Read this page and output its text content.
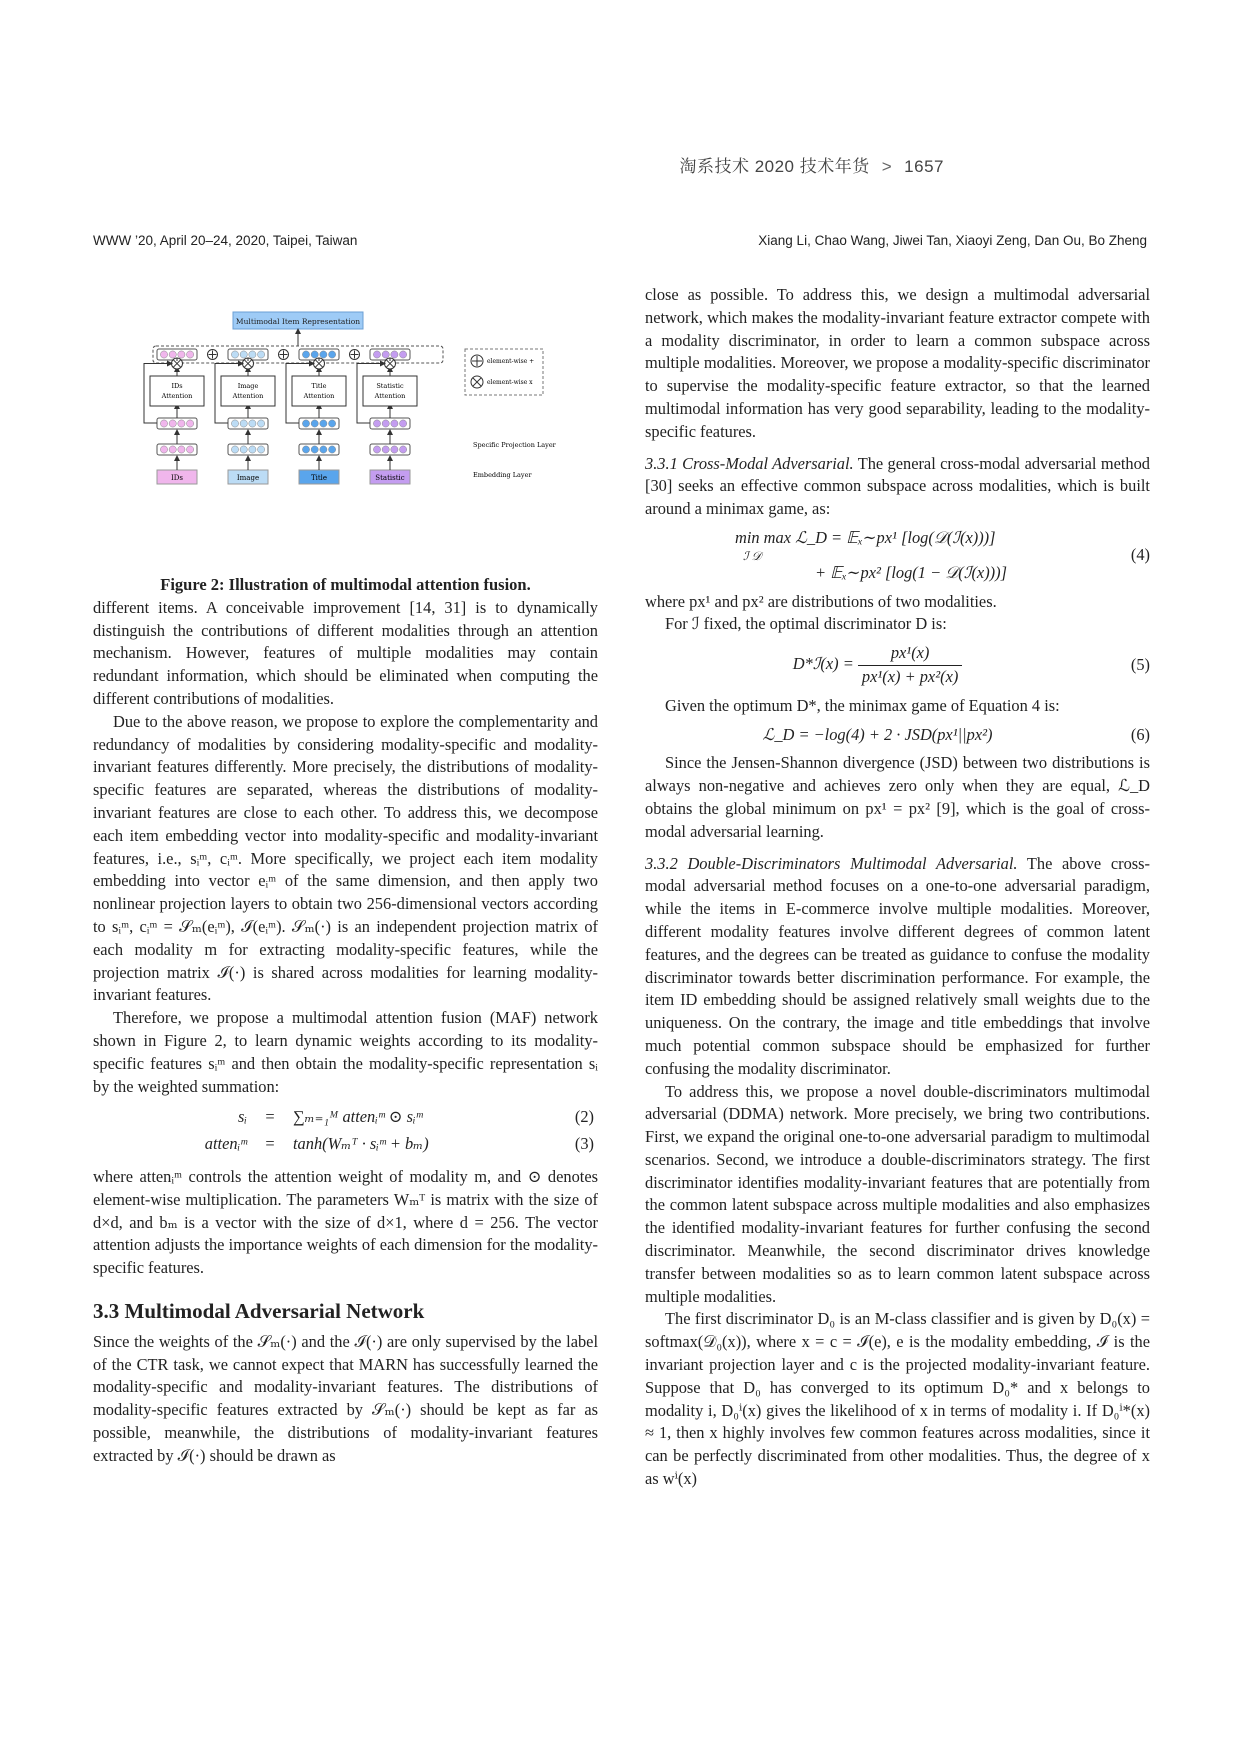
淘系技术 2020 技术年货 > 1657
WWW ’20, April 20–24, 2020, Taipei, Taiwan	Xiang Li, Chao Wang, Jiwei Tan, Xiaoyi Zeng, Dan Ou, Bo Zheng
Multimodal Item Representation
IDs
IDs
Attention
Image
Image
Attention
Title
Title
Attention
Statistic
Statistic
Attention
element-wise +
element-wise x
Specific Projection Layer
Embedding Layer

Figure 2: Illustration of multimodal attention fusion.

different items. A conceivable improvement [14, 31] is to dynamically distinguish the contributions of different modalities through an attention mechanism. However, features of multiple modalities may contain redundant information, which should be eliminated when computing the different contributions of modalities.

Due to the above reason, we propose to explore the complementarity and redundancy of modalities by considering modality-specific and modality-invariant features differently. More precisely, the distributions of modality-specific features are separated, whereas the distributions of modality-invariant features are close to each other. To address this, we decompose each item embedding vector into modality-specific and modality-invariant features, i.e., sᵢᵐ, cᵢᵐ. More specifically, we project each item modality embedding into vector eᵢᵐ of the same dimension, and then apply two nonlinear projection layers to obtain two 256-dimensional vectors according to sᵢᵐ, cᵢᵐ = 𝒮ₘ(eᵢᵐ), ℐ(eᵢᵐ). 𝒮ₘ(·) is an independent projection matrix of each modality m for extracting modality-specific features, while the projection matrix ℐ(·) is shared across modalities for learning modality-invariant features.

Therefore, we propose a multimodal attention fusion (MAF) network shown in Figure 2, to learn dynamic weights according to its modality-specific features sᵢᵐ and then obtain the modality-specific representation sᵢ by the weighted summation:

sᵢ	=	∑ₘ₌₁ᴹ attenᵢᵐ ⊙ sᵢᵐ	(2)
attenᵢᵐ	=	tanh(Wₘᵀ · sᵢᵐ + bₘ)	(3)

where attenᵢᵐ controls the attention weight of modality m, and ⊙ denotes element-wise multiplication. The parameters Wₘᵀ is matrix with the size of d×d, and bₘ is a vector with the size of d×1, where d = 256. The vector attention adjusts the importance weights of each dimension for the modality-specific features.

3.3 Multimodal Adversarial Network

Since the weights of the 𝒮ₘ(·) and the ℐ(·) are only supervised by the label of the CTR task, we cannot expect that MARN has successfully learned the modality-specific and modality-invariant features. The distributions of modality-specific features extracted by 𝒮ₘ(·) should be kept as far as possible, meanwhile, the distributions of modality-invariant features extracted by ℐ(·) should be drawn as

close as possible. To address this, we design a multimodal adversarial network, which makes the modality-invariant feature extractor compete with a modality discriminator, in order to learn a common subspace across multiple modalities. Moreover, we propose a modality-specific discriminator to supervise the modality-specific feature extractor, so that the learned multimodal information has very good separability, leading to the modality-specific features.

3.3.1 Cross-Modal Adversarial. The general cross-modal adversarial method [30] seeks an effective common subspace across modalities, which is built around a minimax game, as:

min max ℒ_D = 𝔼ₓ∼px¹ [log(𝒟(ℐ(x)))]
ℐ 𝒟
+ 𝔼ₓ∼px² [log(1 − 𝒟(ℐ(x)))]
(4)

where px¹ and px² are distributions of two modalities.

For ℐ fixed, the optimal discriminator D is:

D*ℐ(x) = $\frac{\text{px¹(x)}}{\text{px¹(x) + px²(x)}}$	(5)

Given the optimum D*, the minimax game of Equation 4 is:

ℒ_D = −log(4) + 2 · JSD(px¹||px²)	(6)

Since the Jensen-Shannon divergence (JSD) between two distributions is always non-negative and achieves zero only when they are equal, ℒ_D obtains the global minimum on px¹ = px² [9], which is the goal of cross-modal adversarial learning.

3.3.2 Double-Discriminators Multimodal Adversarial. The above cross-modal adversarial method focuses on a one-to-one adversarial paradigm, while the items in E-commerce involve multiple modalities. Moreover, different modality features involve different degrees of common latent features, and the degrees can be treated as guidance to confuse the modality discriminator towards better discrimination performance. For example, the item ID embedding should be assigned relatively small weights due to the uniqueness. On the contrary, the image and title embeddings that involve much potential common subspace should be emphasized for further confusing the modality discriminator.

To address this, we propose a novel double-discriminators multimodal adversarial (DDMA) network. More precisely, we bring two contributions. First, we expand the original one-to-one adversarial paradigm to multimodal scenarios. Second, we introduce a double-discriminators strategy. The first discriminator identifies modality-invariant features that are potentially from the common latent subspace across multiple modalities and also emphasizes the identified modality-invariant features for further confusing the second discriminator. Meanwhile, the second discriminator drives knowledge transfer between modalities so as to learn common latent subspace across multiple modalities.

The first discriminator D₀ is an M-class classifier and is given by D₀(x) = softmax(𝒟₀(x)), where x = c = ℐ(e), e is the modality embedding, ℐ is the invariant projection layer and c is the projected modality-invariant feature. Suppose that D₀ has converged to its optimum D₀* and x belongs to modality i, D₀ⁱ(x) gives the likelihood of x in terms of modality i. If D₀ⁱ*(x) ≈ 1, then x highly involves few common features across modalities, since it can be perfectly discriminated from other modalities. Thus, the degree of x as wⁱ(x)
